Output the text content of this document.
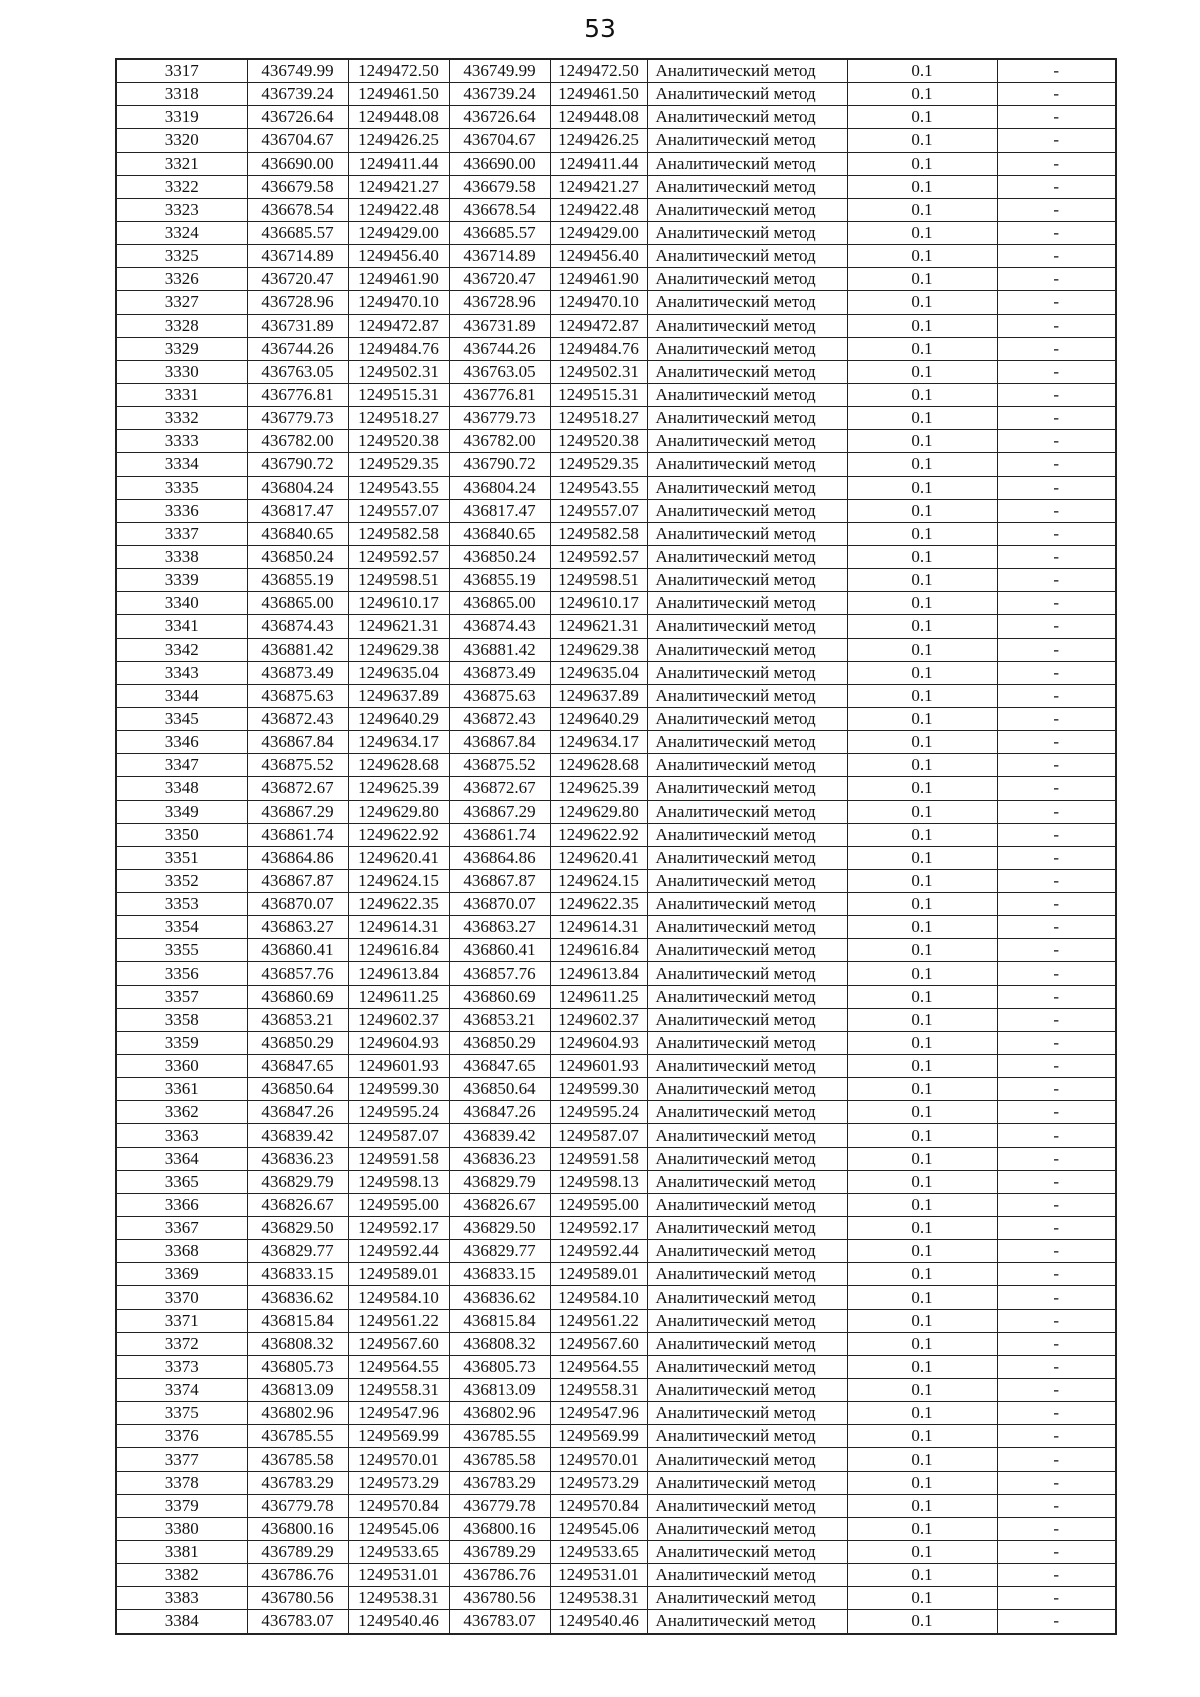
53
3317	436749.99	1249472.50	436749.99	1249472.50	Аналитический метод	0.1	-
3318	436739.24	1249461.50	436739.24	1249461.50	Аналитический метод	0.1	-
3319	436726.64	1249448.08	436726.64	1249448.08	Аналитический метод	0.1	-
3320	436704.67	1249426.25	436704.67	1249426.25	Аналитический метод	0.1	-
3321	436690.00	1249411.44	436690.00	1249411.44	Аналитический метод	0.1	-
3322	436679.58	1249421.27	436679.58	1249421.27	Аналитический метод	0.1	-
3323	436678.54	1249422.48	436678.54	1249422.48	Аналитический метод	0.1	-
3324	436685.57	1249429.00	436685.57	1249429.00	Аналитический метод	0.1	-
3325	436714.89	1249456.40	436714.89	1249456.40	Аналитический метод	0.1	-
3326	436720.47	1249461.90	436720.47	1249461.90	Аналитический метод	0.1	-
3327	436728.96	1249470.10	436728.96	1249470.10	Аналитический метод	0.1	-
3328	436731.89	1249472.87	436731.89	1249472.87	Аналитический метод	0.1	-
3329	436744.26	1249484.76	436744.26	1249484.76	Аналитический метод	0.1	-
3330	436763.05	1249502.31	436763.05	1249502.31	Аналитический метод	0.1	-
3331	436776.81	1249515.31	436776.81	1249515.31	Аналитический метод	0.1	-
3332	436779.73	1249518.27	436779.73	1249518.27	Аналитический метод	0.1	-
3333	436782.00	1249520.38	436782.00	1249520.38	Аналитический метод	0.1	-
3334	436790.72	1249529.35	436790.72	1249529.35	Аналитический метод	0.1	-
3335	436804.24	1249543.55	436804.24	1249543.55	Аналитический метод	0.1	-
3336	436817.47	1249557.07	436817.47	1249557.07	Аналитический метод	0.1	-
3337	436840.65	1249582.58	436840.65	1249582.58	Аналитический метод	0.1	-
3338	436850.24	1249592.57	436850.24	1249592.57	Аналитический метод	0.1	-
3339	436855.19	1249598.51	436855.19	1249598.51	Аналитический метод	0.1	-
3340	436865.00	1249610.17	436865.00	1249610.17	Аналитический метод	0.1	-
3341	436874.43	1249621.31	436874.43	1249621.31	Аналитический метод	0.1	-
3342	436881.42	1249629.38	436881.42	1249629.38	Аналитический метод	0.1	-
3343	436873.49	1249635.04	436873.49	1249635.04	Аналитический метод	0.1	-
3344	436875.63	1249637.89	436875.63	1249637.89	Аналитический метод	0.1	-
3345	436872.43	1249640.29	436872.43	1249640.29	Аналитический метод	0.1	-
3346	436867.84	1249634.17	436867.84	1249634.17	Аналитический метод	0.1	-
3347	436875.52	1249628.68	436875.52	1249628.68	Аналитический метод	0.1	-
3348	436872.67	1249625.39	436872.67	1249625.39	Аналитический метод	0.1	-
3349	436867.29	1249629.80	436867.29	1249629.80	Аналитический метод	0.1	-
3350	436861.74	1249622.92	436861.74	1249622.92	Аналитический метод	0.1	-
3351	436864.86	1249620.41	436864.86	1249620.41	Аналитический метод	0.1	-
3352	436867.87	1249624.15	436867.87	1249624.15	Аналитический метод	0.1	-
3353	436870.07	1249622.35	436870.07	1249622.35	Аналитический метод	0.1	-
3354	436863.27	1249614.31	436863.27	1249614.31	Аналитический метод	0.1	-
3355	436860.41	1249616.84	436860.41	1249616.84	Аналитический метод	0.1	-
3356	436857.76	1249613.84	436857.76	1249613.84	Аналитический метод	0.1	-
3357	436860.69	1249611.25	436860.69	1249611.25	Аналитический метод	0.1	-
3358	436853.21	1249602.37	436853.21	1249602.37	Аналитический метод	0.1	-
3359	436850.29	1249604.93	436850.29	1249604.93	Аналитический метод	0.1	-
3360	436847.65	1249601.93	436847.65	1249601.93	Аналитический метод	0.1	-
3361	436850.64	1249599.30	436850.64	1249599.30	Аналитический метод	0.1	-
3362	436847.26	1249595.24	436847.26	1249595.24	Аналитический метод	0.1	-
3363	436839.42	1249587.07	436839.42	1249587.07	Аналитический метод	0.1	-
3364	436836.23	1249591.58	436836.23	1249591.58	Аналитический метод	0.1	-
3365	436829.79	1249598.13	436829.79	1249598.13	Аналитический метод	0.1	-
3366	436826.67	1249595.00	436826.67	1249595.00	Аналитический метод	0.1	-
3367	436829.50	1249592.17	436829.50	1249592.17	Аналитический метод	0.1	-
3368	436829.77	1249592.44	436829.77	1249592.44	Аналитический метод	0.1	-
3369	436833.15	1249589.01	436833.15	1249589.01	Аналитический метод	0.1	-
3370	436836.62	1249584.10	436836.62	1249584.10	Аналитический метод	0.1	-
3371	436815.84	1249561.22	436815.84	1249561.22	Аналитический метод	0.1	-
3372	436808.32	1249567.60	436808.32	1249567.60	Аналитический метод	0.1	-
3373	436805.73	1249564.55	436805.73	1249564.55	Аналитический метод	0.1	-
3374	436813.09	1249558.31	436813.09	1249558.31	Аналитический метод	0.1	-
3375	436802.96	1249547.96	436802.96	1249547.96	Аналитический метод	0.1	-
3376	436785.55	1249569.99	436785.55	1249569.99	Аналитический метод	0.1	-
3377	436785.58	1249570.01	436785.58	1249570.01	Аналитический метод	0.1	-
3378	436783.29	1249573.29	436783.29	1249573.29	Аналитический метод	0.1	-
3379	436779.78	1249570.84	436779.78	1249570.84	Аналитический метод	0.1	-
3380	436800.16	1249545.06	436800.16	1249545.06	Аналитический метод	0.1	-
3381	436789.29	1249533.65	436789.29	1249533.65	Аналитический метод	0.1	-
3382	436786.76	1249531.01	436786.76	1249531.01	Аналитический метод	0.1	-
3383	436780.56	1249538.31	436780.56	1249538.31	Аналитический метод	0.1	-
3384	436783.07	1249540.46	436783.07	1249540.46	Аналитический метод	0.1	-
